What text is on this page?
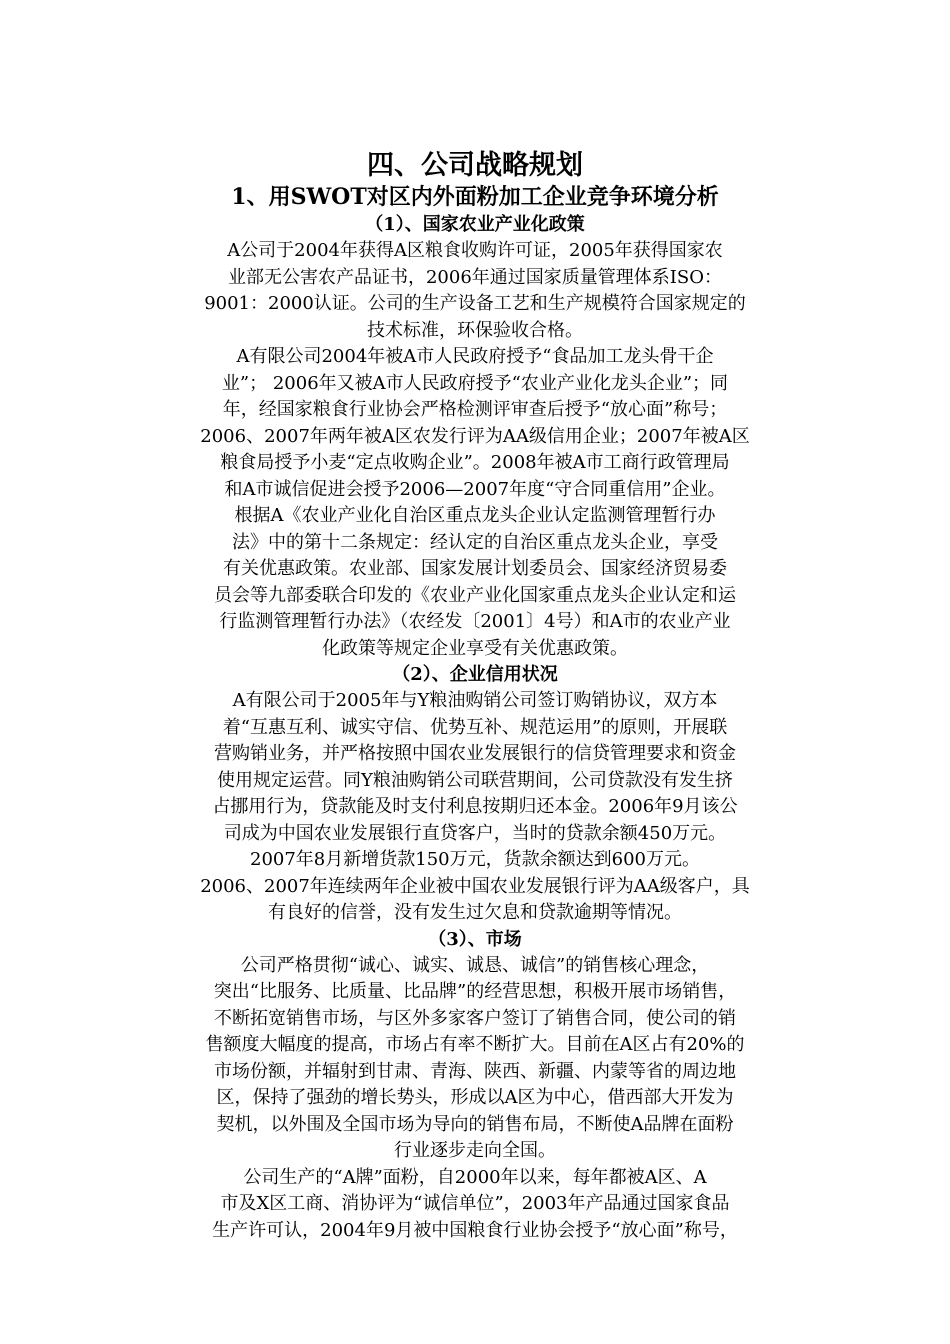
四、公司战略规划
1、用SWOT对区内外面粉加工企业竞争环境分析
（1）、国家农业产业化政策
A公司于2004年获得A区粮食收购许可证，2005年获得国家农
业部无公害农产品证书，2006年通过国家质量管理体系ISO：
9001：2000认证。公司的生产设备工艺和生产规模符合国家规定的
技术标准，环保验收合格。
A有限公司2004年被A市人民政府授予“食品加工龙头骨干企
业”； 2006年又被A市人民政府授予“农业产业化龙头企业”；同
年，经国家粮食行业协会严格检测评审查后授予“放心面”称号；
2006、2007年两年被A区农发行评为AA级信用企业；2007年被A区
粮食局授予小麦“定点收购企业”。2008年被A市工商行政管理局
和A市诚信促进会授予2006—2007年度“守合同重信用”企业。
根据A《农业产业化自治区重点龙头企业认定监测管理暂行办
法》中的第十二条规定：经认定的自治区重点龙头企业，享受
有关优惠政策。农业部、国家发展计划委员会、国家经济贸易委
员会等九部委联合印发的《农业产业化国家重点龙头企业认定和运
行监测管理暂行办法》（农经发〔2001〕4号）和A市的农业产业
化政策等规定企业享受有关优惠政策。
（2）、企业信用状况
A有限公司于2005年与Y粮油购销公司签订购销协议，双方本
着“互惠互利、诚实守信、优势互补、规范运用”的原则，开展联
营购销业务，并严格按照中国农业发展银行的信贷管理要求和资金
使用规定运营。同Y粮油购销公司联营期间，公司贷款没有发生挤
占挪用行为，贷款能及时支付利息按期归还本金。2006年9月该公
司成为中国农业发展银行直贷客户，当时的贷款余额450万元。
2007年8月新增货款150万元，货款余额达到600万元。
2006、2007年连续两年企业被中国农业发展银行评为AA级客户，具
有良好的信誉，没有发生过欠息和贷款逾期等情况。
（3）、市场
公司严格贯彻“诚心、诚实、诚恳、诚信”的销售核心理念，
突出“比服务、比质量、比品牌”的经营思想，积极开展市场销售，
不断拓宽销售市场，与区外多家客户签订了销售合同，使公司的销
售额度大幅度的提高，市场占有率不断扩大。目前在A区占有20%的
市场份额，并辐射到甘肃、青海、陕西、新疆、内蒙等省的周边地
区，保持了强劲的增长势头，形成以A区为中心，借西部大开发为
契机，以外围及全国市场为导向的销售布局，不断使A品牌在面粉
行业逐步走向全国。
公司生产的“A牌”面粉，自2000年以来，每年都被A区、A
市及X区工商、消协评为“诚信单位”，2003年产品通过国家食品
生产许可认，2004年9月被中国粮食行业协会授予“放心面”称号，
